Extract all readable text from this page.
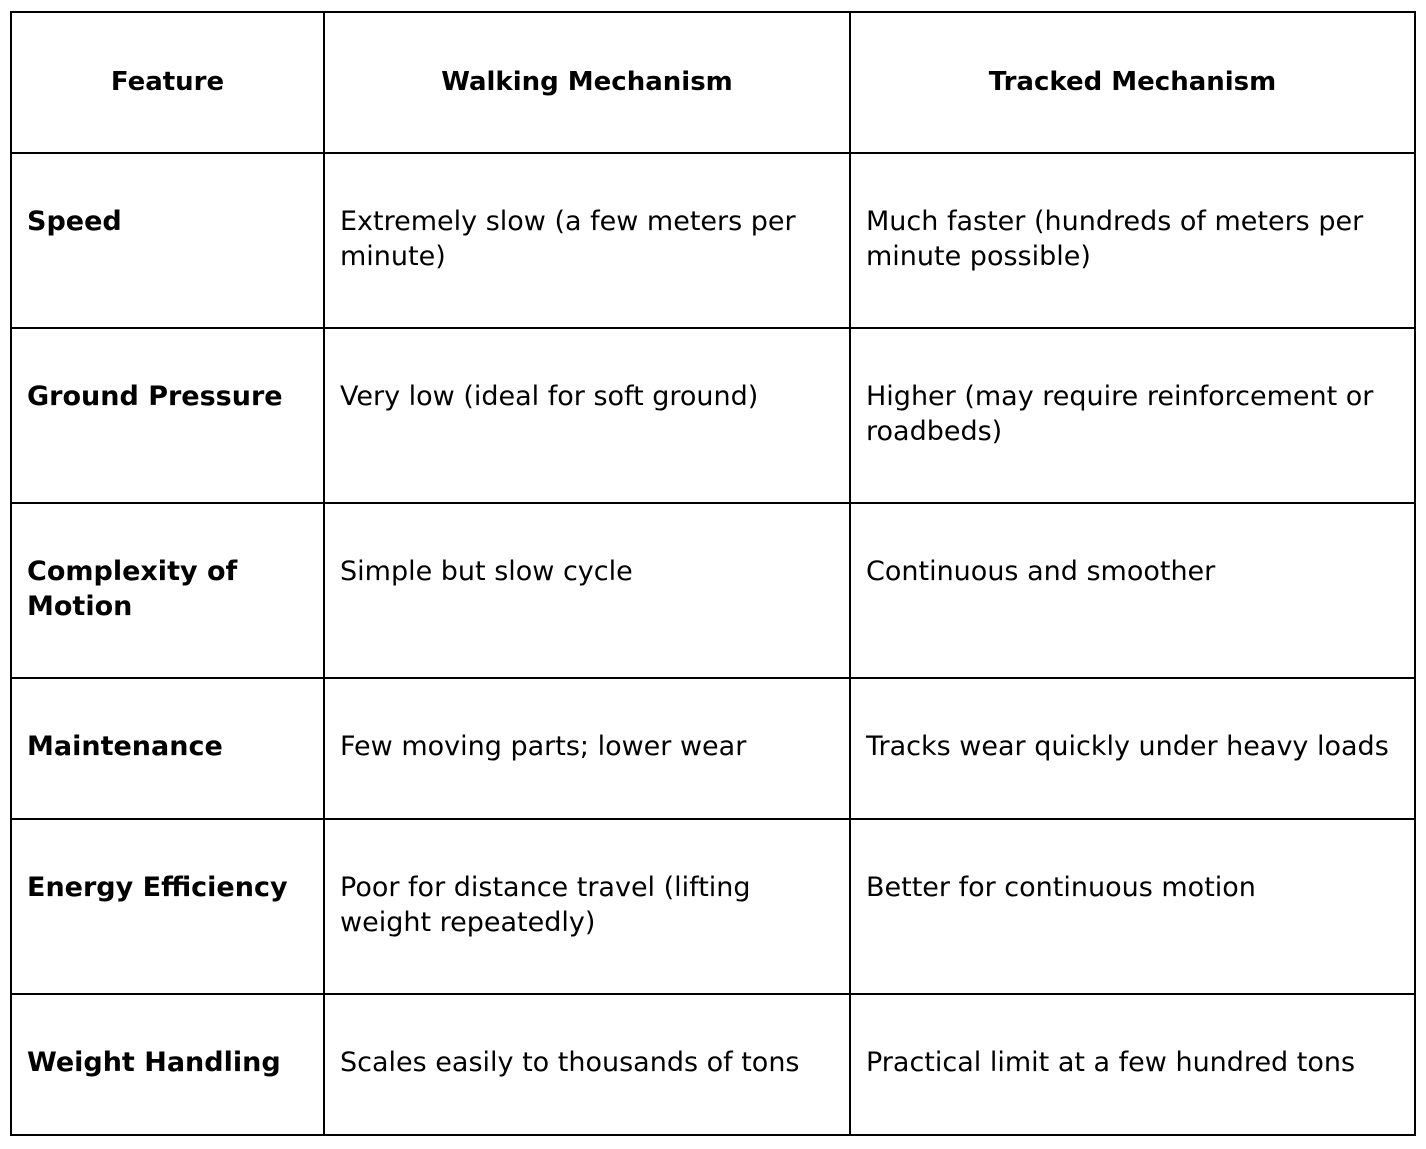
Feature	Walking Mechanism	Tracked Mechanism
Speed	Extremely slow (a few meters per minute)	Much faster (hundreds of meters per minute possible)
Ground Pressure	Very low (ideal for soft ground)	Higher (may require reinforcement or roadbeds)
Complexity of Motion	Simple but slow cycle	Continuous and smoother
Maintenance	Few moving parts; lower wear	Tracks wear quickly under heavy loads
Energy Efficiency	Poor for distance travel (lifting weight repeatedly)	Better for continuous motion
Weight Handling	Scales easily to thousands of tons	Practical limit at a few hundred tons
